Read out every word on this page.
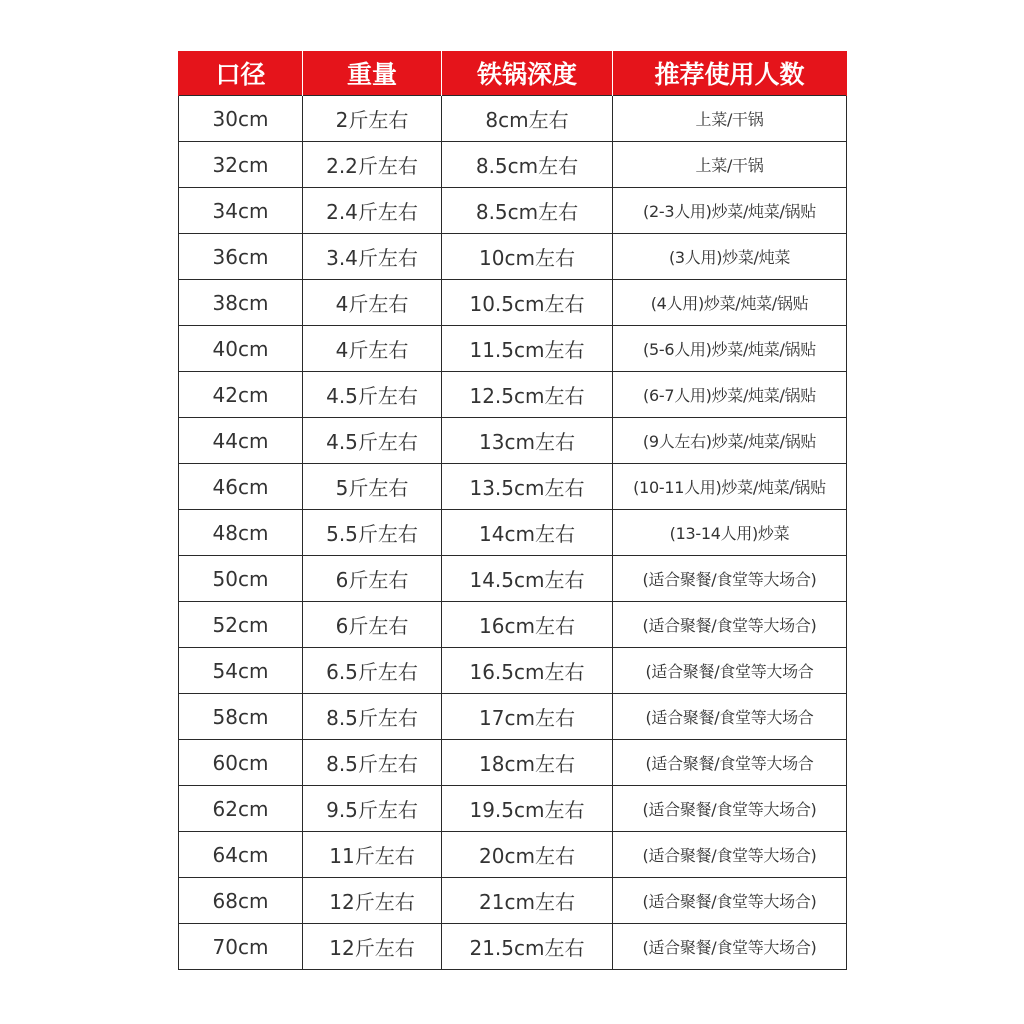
口径	重量	铁锅深度	推荐使用人数
30cm	2斤左右	8cm左右	上菜/干锅
32cm	2.2斤左右	8.5cm左右	上菜/干锅
34cm	2.4斤左右	8.5cm左右	(2-3人用)炒菜/炖菜/锅贴
36cm	3.4斤左右	10cm左右	(3人用)炒菜/炖菜
38cm	4斤左右	10.5cm左右	(4人用)炒菜/炖菜/锅贴
40cm	4斤左右	11.5cm左右	(5-6人用)炒菜/炖菜/锅贴
42cm	4.5斤左右	12.5cm左右	(6-7人用)炒菜/炖菜/锅贴
44cm	4.5斤左右	13cm左右	(9人左右)炒菜/炖菜/锅贴
46cm	5斤左右	13.5cm左右	(10-11人用)炒菜/炖菜/锅贴
48cm	5.5斤左右	14cm左右	(13-14人用)炒菜
50cm	6斤左右	14.5cm左右	(适合聚餐/食堂等大场合)
52cm	6斤左右	16cm左右	(适合聚餐/食堂等大场合)
54cm	6.5斤左右	16.5cm左右	(适合聚餐/食堂等大场合
58cm	8.5斤左右	17cm左右	(适合聚餐/食堂等大场合
60cm	8.5斤左右	18cm左右	(适合聚餐/食堂等大场合
62cm	9.5斤左右	19.5cm左右	(适合聚餐/食堂等大场合)
64cm	11斤左右	20cm左右	(适合聚餐/食堂等大场合)
68cm	12斤左右	21cm左右	(适合聚餐/食堂等大场合)
70cm	12斤左右	21.5cm左右	(适合聚餐/食堂等大场合)
